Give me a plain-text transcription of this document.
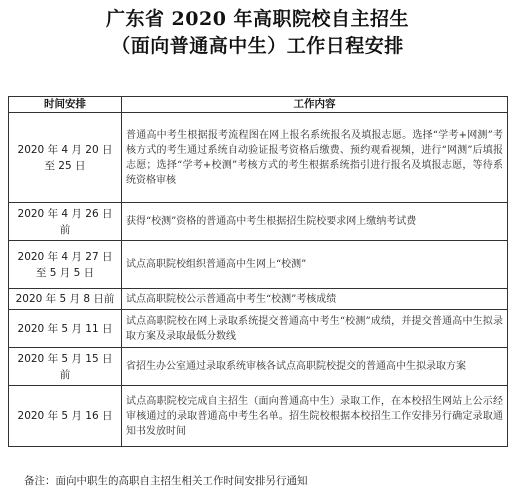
广东省 2020 年高职院校自主招生
（面向普通高中生）工作日程安排
时间安排	工作内容
2020 年 4 月 20 日至 25 日	普通高中考生根据报考流程图在网上报名系统报名及填报志愿。选择“学考+网测”考核方式的考生通过系统自动验证报考资格后缴费、预约观看视频，进行“网测”后填报志愿；选择“学考+校测”考核方式的考生根据系统指引进行报名及填报志愿，等待系统资格审核
2020 年 4 月 26 日前	获得“校测”资格的普通高中考生根据招生院校要求网上缴纳考试费
2020 年 4 月 27 日至 5 月 5 日	试点高职院校组织普通高中生网上“校测”
2020 年 5 月 8 日前	试点高职院校公示普通高中考生“校测”考核成绩
2020 年 5 月 11 日	试点高职院校在网上录取系统提交普通高中考生“校测”成绩，并提交普通高中生拟录取方案及录取最低分数线
2020 年 5 月 15 日前	省招生办公室通过录取系统审核各试点高职院校提交的普通高中生拟录取方案
2020 年 5 月 16 日	试点高职院校完成自主招生（面向普通高中生）录取工作，在本校招生网站上公示经审核通过的录取普通高中考生名单。招生院校根据本校招生工作安排另行确定录取通知书发放时间
备注：面向中职生的高职自主招生相关工作时间安排另行通知
